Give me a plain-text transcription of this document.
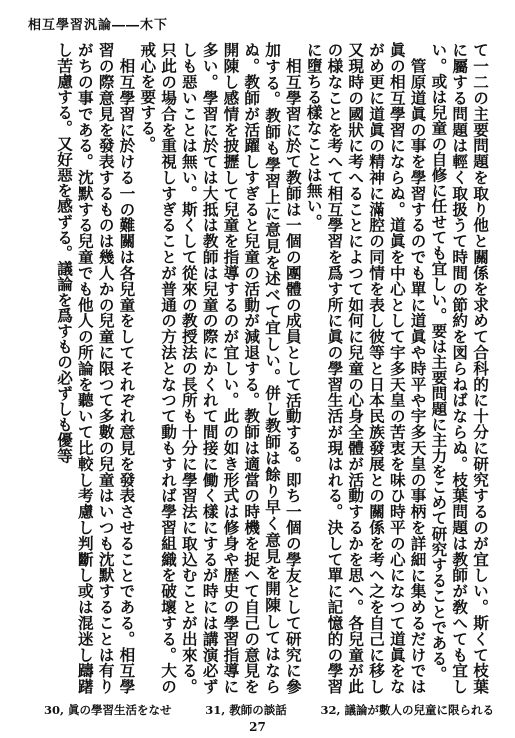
相互學習汎論――木下

て一二の主要問題を取り他と關係を求めて合科的に十分に研究するのが宜しい。斯くて枝葉に屬する問題は輕く取扱うて時間の節約を図らねばならぬ。枝葉問題は教師が敎へても宜しい。或は兒童の自修に任せても宜しい。要は主要問題に主力をこめて研究することである。

管原道眞の事を學習するのでも單に道眞や時平や宇多天皇の事柄を詳細に集めるだけでは眞の相互學習にならぬ。道眞を中心として宇多天皇の苦衷を味ひ時平の心になつて道眞をながめ更に道眞の精神に滿腔の同情を表し彼等と日本民族發展との關係を考へ之を自己に移し又現時の國狀に考へることによつて如何に兒童の心身全體が活動するかを思へ。各兒童が此の様なことを考へて相互學習を爲す所に眞の學習生活が現はれる。決して單に記憶的の學習に墮ちる樣なことは無い。

相互學習に於て教師は一個の團體の成員として活動する。即ち一個の學友として研究に參加する。教師も學習上に意見を述べて宜しい。併し教師は餘り早く意見を開陳してはならぬ。教師が活躍しすぎると兒童の活動が減退する。教師は適當の時機を捉へて自己の意見を開陳し感情を披攊して兒童を指導するのが宜しい。此の如き形式は修身や歴史の學習指導に多い。學習に於ては大抵は教師は兒童の際にかくれて間接に働く樣にするが時には講演必ずしも惡いことは無い。斯くして從來の教授法の長所も十分に學習法に取込むことが出來る。只此の場合を重視しすぎることが普通の方法となつて動もすれば學習組織を破壞する。大の戒心を要する。

相互學習に於ける一の難關は各兒童をしてそれぞれ意見を發表させることである。相互學習の際意見を發表するものは幾人かの兒童に限つて多數の兒童はいつも沈默することは有りがちの事である。沈默する兒童でも他人の所論を聽いて比較し考慮し判斷し或は混迷し躊躇し苦慮する。又好惡を感ずる。議論を爲すもの必ずしも優等

30, 眞の學習生活をなせ	31, 教師の談話	32, 議論が數人の兒童に限られる
27
